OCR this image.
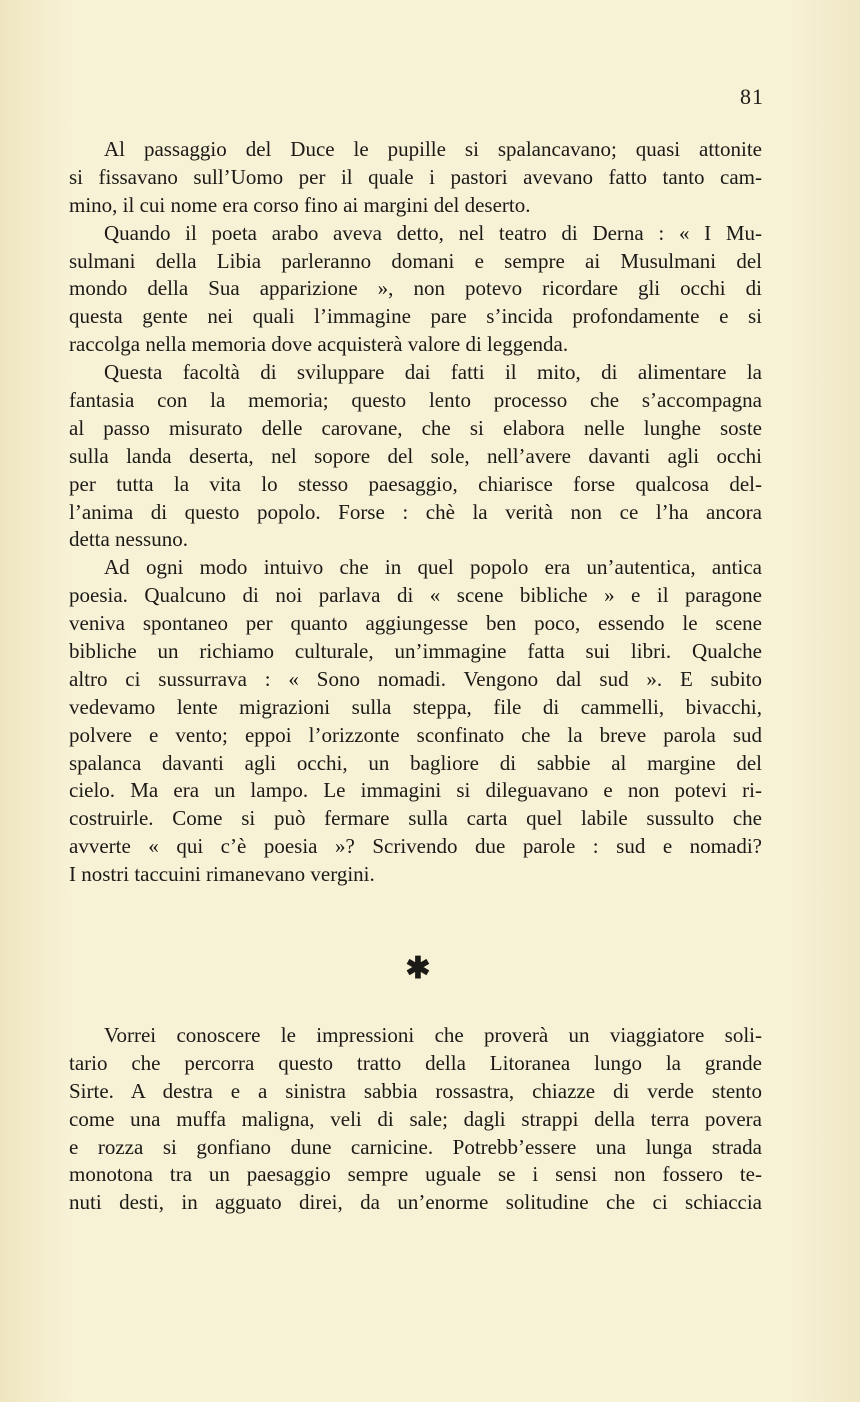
81
Al passaggio del Duce le pupille si spalancavano; quasi attonite
si fissavano sull’Uomo per il quale i pastori avevano fatto tanto cam-
mino, il cui nome era corso fino ai margini del deserto.
Quando il poeta arabo aveva detto, nel teatro di Derna : « I Mu-
sulmani della Libia parleranno domani e sempre ai Musulmani del
mondo della Sua apparizione », non potevo ricordare gli occhi di
questa gente nei quali l’immagine pare s’incida profondamente e si
raccolga nella memoria dove acquisterà valore di leggenda.
Questa facoltà di sviluppare dai fatti il mito, di alimentare la
fantasia con la memoria; questo lento processo che s’accompagna
al passo misurato delle carovane, che si elabora nelle lunghe soste
sulla landa deserta, nel sopore del sole, nell’avere davanti agli occhi
per tutta la vita lo stesso paesaggio, chiarisce forse qualcosa del-
l’anima di questo popolo. Forse : chè la verità non ce l’ha ancora
detta nessuno.
Ad ogni modo intuivo che in quel popolo era un’autentica, antica
poesia. Qualcuno di noi parlava di « scene bibliche » e il paragone
veniva spontaneo per quanto aggiungesse ben poco, essendo le scene
bibliche un richiamo culturale, un’immagine fatta sui libri. Qualche
altro ci sussurrava : « Sono nomadi. Vengono dal sud ». E subito
vedevamo lente migrazioni sulla steppa, file di cammelli, bivacchi,
polvere e vento; eppoi l’orizzonte sconfinato che la breve parola sud
spalanca davanti agli occhi, un bagliore di sabbie al margine del
cielo. Ma era un lampo. Le immagini si dileguavano e non potevi ri-
costruirle. Come si può fermare sulla carta quel labile sussulto che
avverte « qui c’è poesia »? Scrivendo due parole : sud e nomadi?
I nostri taccuini rimanevano vergini.
✱
Vorrei conoscere le impressioni che proverà un viaggiatore soli-
tario che percorra questo tratto della Litoranea lungo la grande
Sirte. A destra e a sinistra sabbia rossastra, chiazze di verde stento
come una muffa maligna, veli di sale; dagli strappi della terra povera
e rozza si gonfiano dune carnicine. Potrebb’essere una lunga strada
monotona tra un paesaggio sempre uguale se i sensi non fossero te-
nuti desti, in agguato direi, da un’enorme solitudine che ci schiaccia
